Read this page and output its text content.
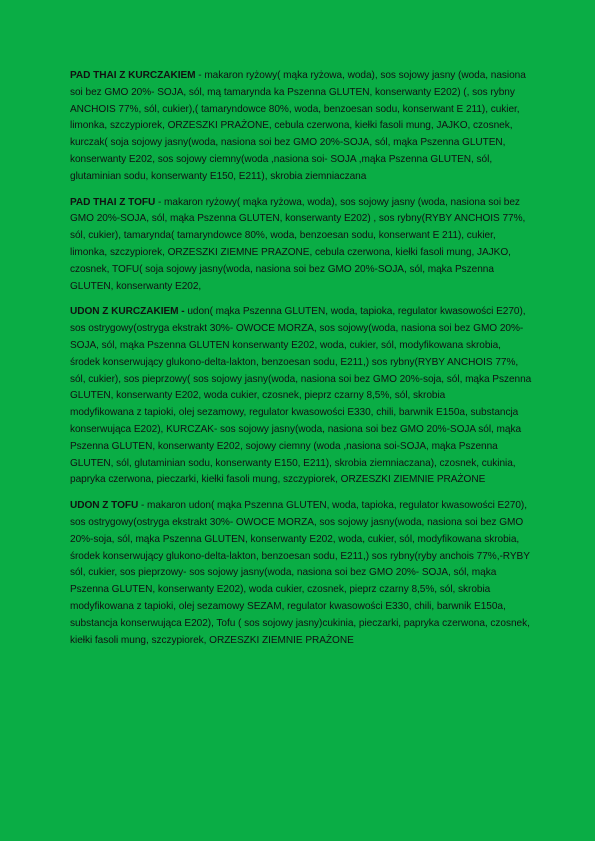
PAD THAI Z KURCZAKIEM - makaron ryżowy( mąka ryżowa, woda), sos sojowy jasny (woda, nasiona soi bez GMO 20%- SOJA, sól, mą tamarynda ka Pszenna GLUTEN, konserwanty E202) (, sos rybny ANCHOIS 77%, sól, cukier),( tamaryndowce 80%, woda, benzoesan sodu, konserwant E 211), cukier, limonka, szczypiorek, ORZESZKI PRAŻONE, cebula czerwona, kiełki fasoli mung, JAJKO, czosnek, kurczak( soja sojowy jasny(woda, nasiona soi bez GMO 20%-SOJA, sól, mąka Pszenna GLUTEN, konserwanty E202, sos sojowy ciemny(woda ,nasiona soi- SOJA ,mąka Pszenna GLUTEN, sól, glutaminian sodu, konserwanty E150, E211), skrobia ziemniaczana

PAD THAI Z TOFU - makaron ryżowy( mąka ryżowa, woda), sos sojowy jasny (woda, nasiona soi bez GMO 20%-SOJA, sól, mąka Pszenna GLUTEN, konserwanty E202) , sos rybny(RYBY ANCHOIS 77%, sól, cukier), tamarynda( tamaryndowce 80%, woda, benzoesan sodu, konserwant E 211), cukier, limonka, szczypiorek, ORZESZKI ZIEMNE PRAZONE, cebula czerwona, kiełki fasoli mung, JAJKO, czosnek, TOFU( soja sojowy jasny(woda, nasiona soi bez GMO 20%-SOJA, sól, mąka Pszenna GLUTEN, konserwanty E202,

UDON Z KURCZAKIEM - udon( mąka Pszenna GLUTEN, woda, tapioka, regulator kwasowości E270), sos ostrygowy(ostryga ekstrakt 30%- OWOCE MORZA, sos sojowy(woda, nasiona soi bez GMO 20%-SOJA, sól, mąka Pszenna GLUTEN konserwanty E202, woda, cukier, sól, modyfikowana skrobia, środek konserwujący glukono-delta-lakton, benzoesan sodu, E211,) sos rybny(RYBY ANCHOIS 77%, sól, cukier), sos pieprzowy( sos sojowy jasny(woda, nasiona soi bez GMO 20%-soja, sól, mąka Pszenna GLUTEN, konserwanty E202, woda cukier, czosnek, pieprz czarny 8,5%, sól, skrobia
modyfikowana z tapioki, olej sezamowy, regulator kwasowości E330, chili, barwnik E150a, substancja konserwująca E202), KURCZAK- sos sojowy jasny(woda, nasiona soi bez GMO 20%-SOJA sól, mąka Pszenna GLUTEN, konserwanty E202, sojowy ciemny (woda ,nasiona soi-SOJA, mąka Pszenna GLUTEN, sól, glutaminian sodu, konserwanty E150, E211), skrobia ziemniaczana), czosnek, cukinia, papryka czerwona, pieczarki, kiełki fasoli mung, szczypiorek, ORZESZKI ZIEMNIE PRAŻONE

UDON Z TOFU - makaron udon( mąka Pszenna GLUTEN, woda, tapioka, regulator kwasowości E270), sos ostrygowy(ostryga ekstrakt 30%- OWOCE MORZA, sos sojowy jasny(woda, nasiona soi bez GMO 20%-soja, sól, mąka Pszenna GLUTEN, konserwanty E202, woda, cukier, sól, modyfikowana skrobia, środek konserwujący glukono-delta-lakton, benzoesan sodu, E211,) sos rybny(ryby anchois 77%,-RYBY sól, cukier, sos pieprzowy- sos sojowy jasny(woda, nasiona soi bez GMO 20%- SOJA, sól, mąka Pszenna GLUTEN, konserwanty E202), woda cukier, czosnek, pieprz czarny 8,5%, sól, skrobia modyfikowana z tapioki, olej sezamowy SEZAM, regulator kwasowości E330, chili, barwnik E150a, substancja konserwująca E202), Tofu ( sos sojowy jasny)cukinia, pieczarki, papryka czerwona, czosnek, kiełki fasoli mung, szczypiorek, ORZESZKI ZIEMNIE PRAŻONE
